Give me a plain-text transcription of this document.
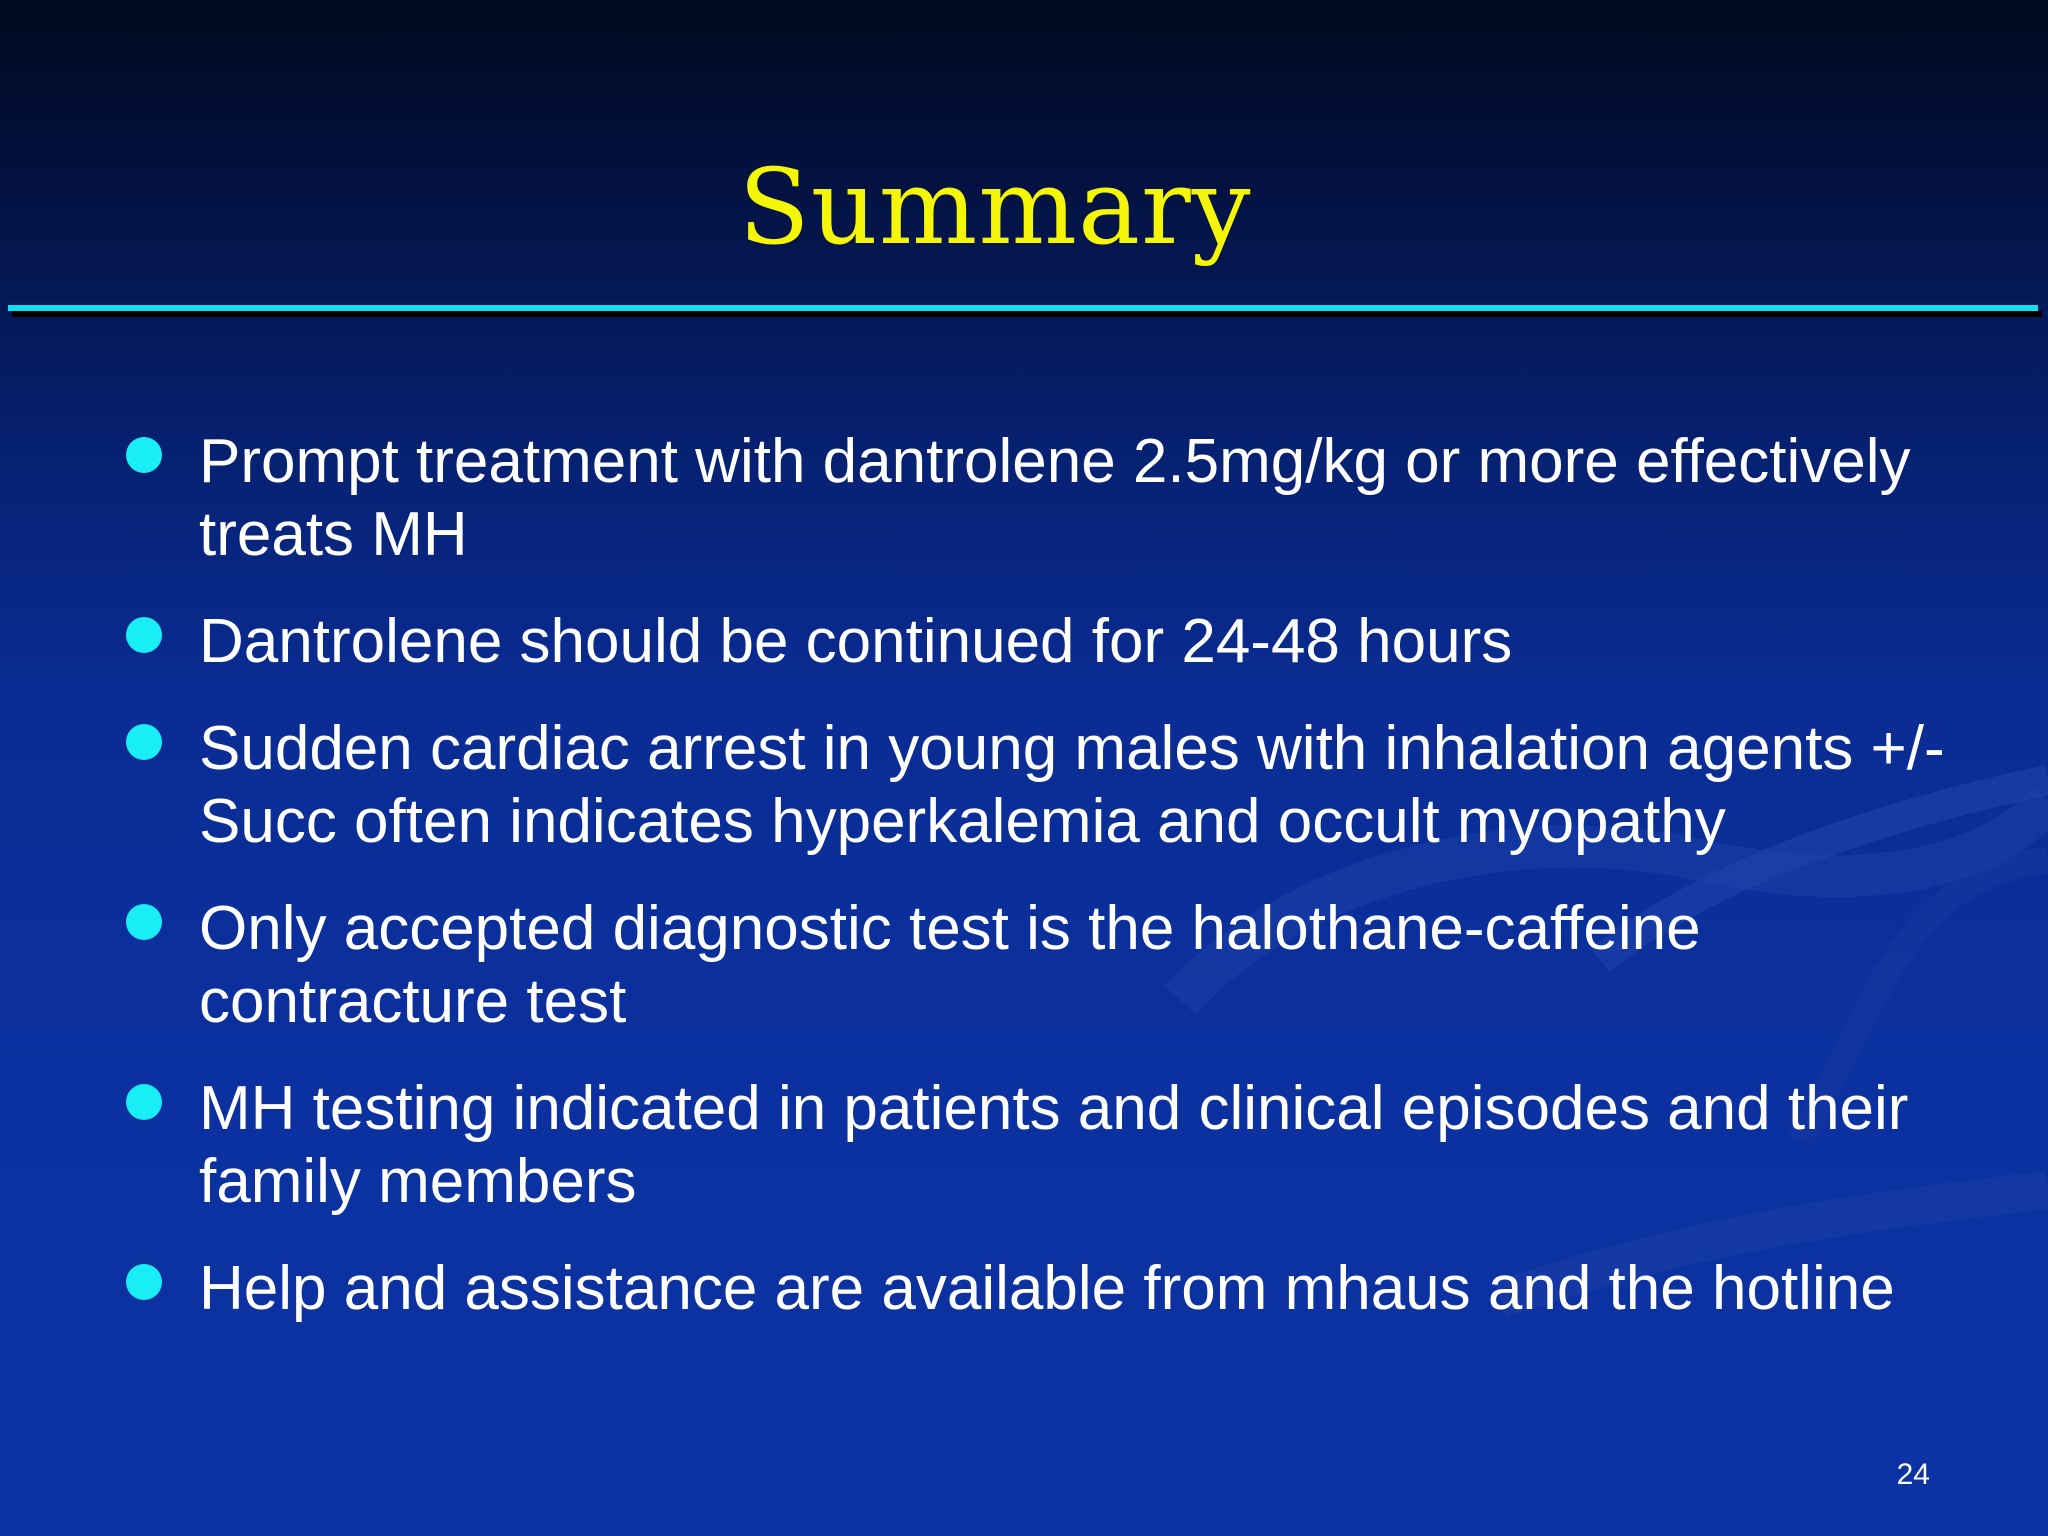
Summary
Prompt treatment with dantrolene 2.5mg/kg or more effectively treats MH
Dantrolene should be continued for 24-48 hours
Sudden cardiac arrest in young males with inhalation agents +/- Succ often indicates hyperkalemia and occult myopathy
Only accepted diagnostic test is the halothane-caffeine contracture test
MH testing indicated in patients and clinical episodes and their family members
Help and assistance are available from mhaus and the hotline
24
